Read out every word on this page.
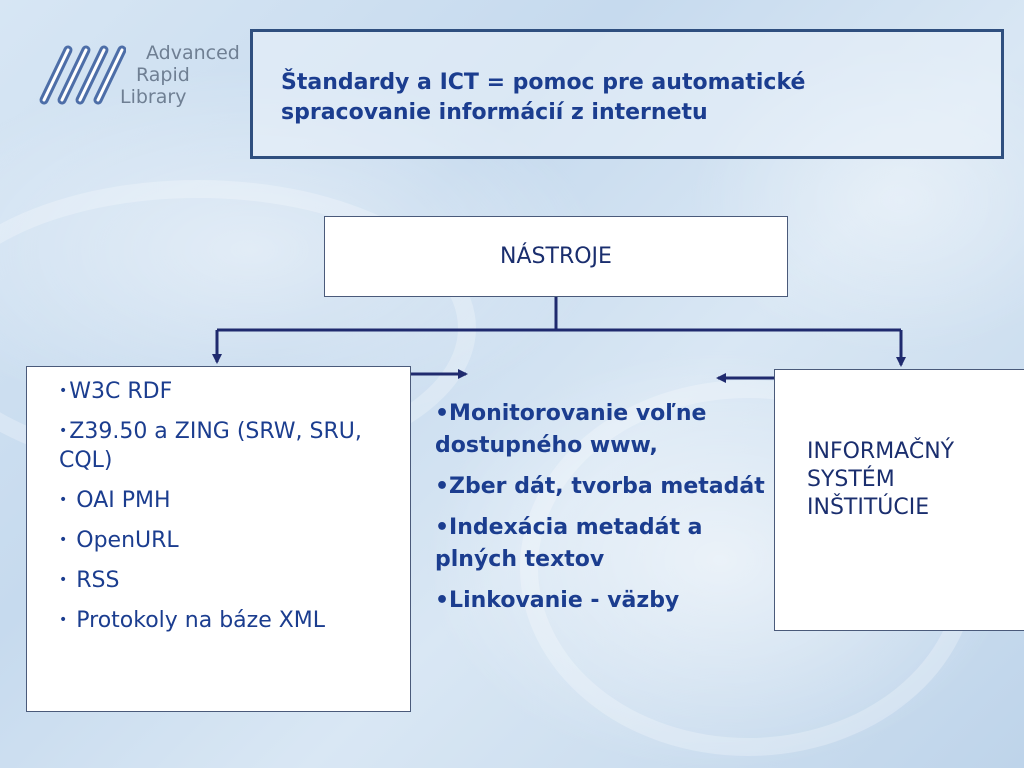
Advanced
Rapid
Library
Štandardy a ICT = pomoc pre automatické
spracovanie informácií z internetu
NÁSTROJE
•W3C RDF
•Z39.50 a ZING (SRW, SRU, CQL)
• OAI PMH
• OpenURL
• RSS
• Protokoly na báze XML
•Monitorovanie voľne dostupného www,
•Zber dát, tvorba metadát
•Indexácia metadát a plných textov
•Linkovanie - väzby
INFORMAČNÝ
SYSTÉM
INŠTITÚCIE
